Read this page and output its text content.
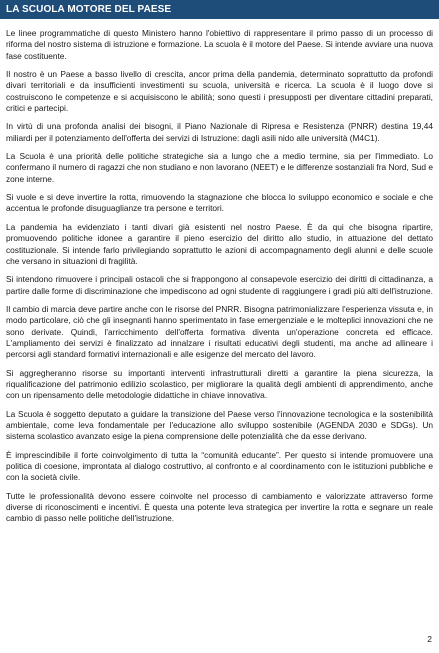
LA SCUOLA MOTORE DEL PAESE

Le linee programmatiche di questo Ministero hanno l'obiettivo di rappresentare il primo passo di un processo di riforma del nostro sistema di istruzione e formazione. La scuola è il motore del Paese. Si intende avviare una nuova fase costituente.

Il nostro è un Paese a basso livello di crescita, ancor prima della pandemia, determinato soprattutto da profondi divari territoriali e da insufficienti investimenti su scuola, università e ricerca. La scuola è il luogo dove si costruiscono le competenze e si acquisiscono le abilità; sono questi i presupposti per diventare cittadini preparati, critici e partecipi.

In virtù di una profonda analisi dei bisogni, il Piano Nazionale di Ripresa e Resistenza (PNRR) destina 19,44 miliardi per il potenziamento dell'offerta dei servizi di Istruzione: dagli asili nido alle università (M4C1).

La Scuola è una priorità delle politiche strategiche sia a lungo che a medio termine, sia per l'immediato. Lo confermano il numero di ragazzi che non studiano e non lavorano (NEET) e le differenze sostanziali fra Nord, Sud e zone interne.

Si vuole e si deve invertire la rotta, rimuovendo la stagnazione che blocca lo sviluppo economico e sociale e che accentua le profonde disuguaglianze tra persone e territori.

La pandemia ha evidenziato i tanti divari già esistenti nel nostro Paese. È da qui che bisogna ripartire, promuovendo politiche idonee a garantire il pieno esercizio del diritto allo studio, in attuazione del dettato costituzionale. Si intende farlo privilegiando soprattutto le azioni di accompagnamento degli alunni e delle scuole che versano in situazioni di fragilità.

Si intendono rimuovere i principali ostacoli che si frappongono al consapevole esercizio dei diritti di cittadinanza, a partire dalle forme di discriminazione che impediscono ad ogni studente di raggiungere i gradi più alti dell'istruzione.

Il cambio di marcia deve partire anche con le risorse del PNRR. Bisogna patrimonializzare l'esperienza vissuta e, in modo particolare, ciò che gli insegnanti hanno sperimentato in fase emergenziale e le molteplici innovazioni che ne sono derivate. Quindi, l'arricchimento dell'offerta formativa diventa un'operazione concreta ed efficace. L'ampliamento dei servizi è finalizzato ad innalzare i risultati educativi degli studenti, ma anche ad allineare i percorsi agli standard formativi internazionali e alle esigenze del mercato del lavoro.

Si aggregheranno risorse su importanti interventi infrastrutturali diretti a garantire la piena sicurezza, la riqualificazione del patrimonio edilizio scolastico, per migliorare la qualità degli ambienti di apprendimento, anche con un ripensamento delle metodologie didattiche in chiave innovativa.

La Scuola è soggetto deputato a guidare la transizione del Paese verso l'innovazione tecnologica e la sostenibilità ambientale, come leva fondamentale per l'educazione allo sviluppo sostenibile (AGENDA 2030 e SDGs). Un sistema scolastico avanzato esige la piena comprensione delle potenzialità che da esse derivano.

È imprescindibile il forte coinvolgimento di tutta la “comunità educante”. Per questo si intende promuovere una politica di coesione, improntata al dialogo costruttivo, al confronto e al coordinamento con le istituzioni pubbliche e con la società civile.

Tutte le professionalità devono essere coinvolte nel processo di cambiamento e valorizzate attraverso forme diverse di riconoscimenti e incentivi. È questa una potente leva strategica per invertire la rotta e segnare un reale cambio di passo nelle politiche dell'istruzione.

2
